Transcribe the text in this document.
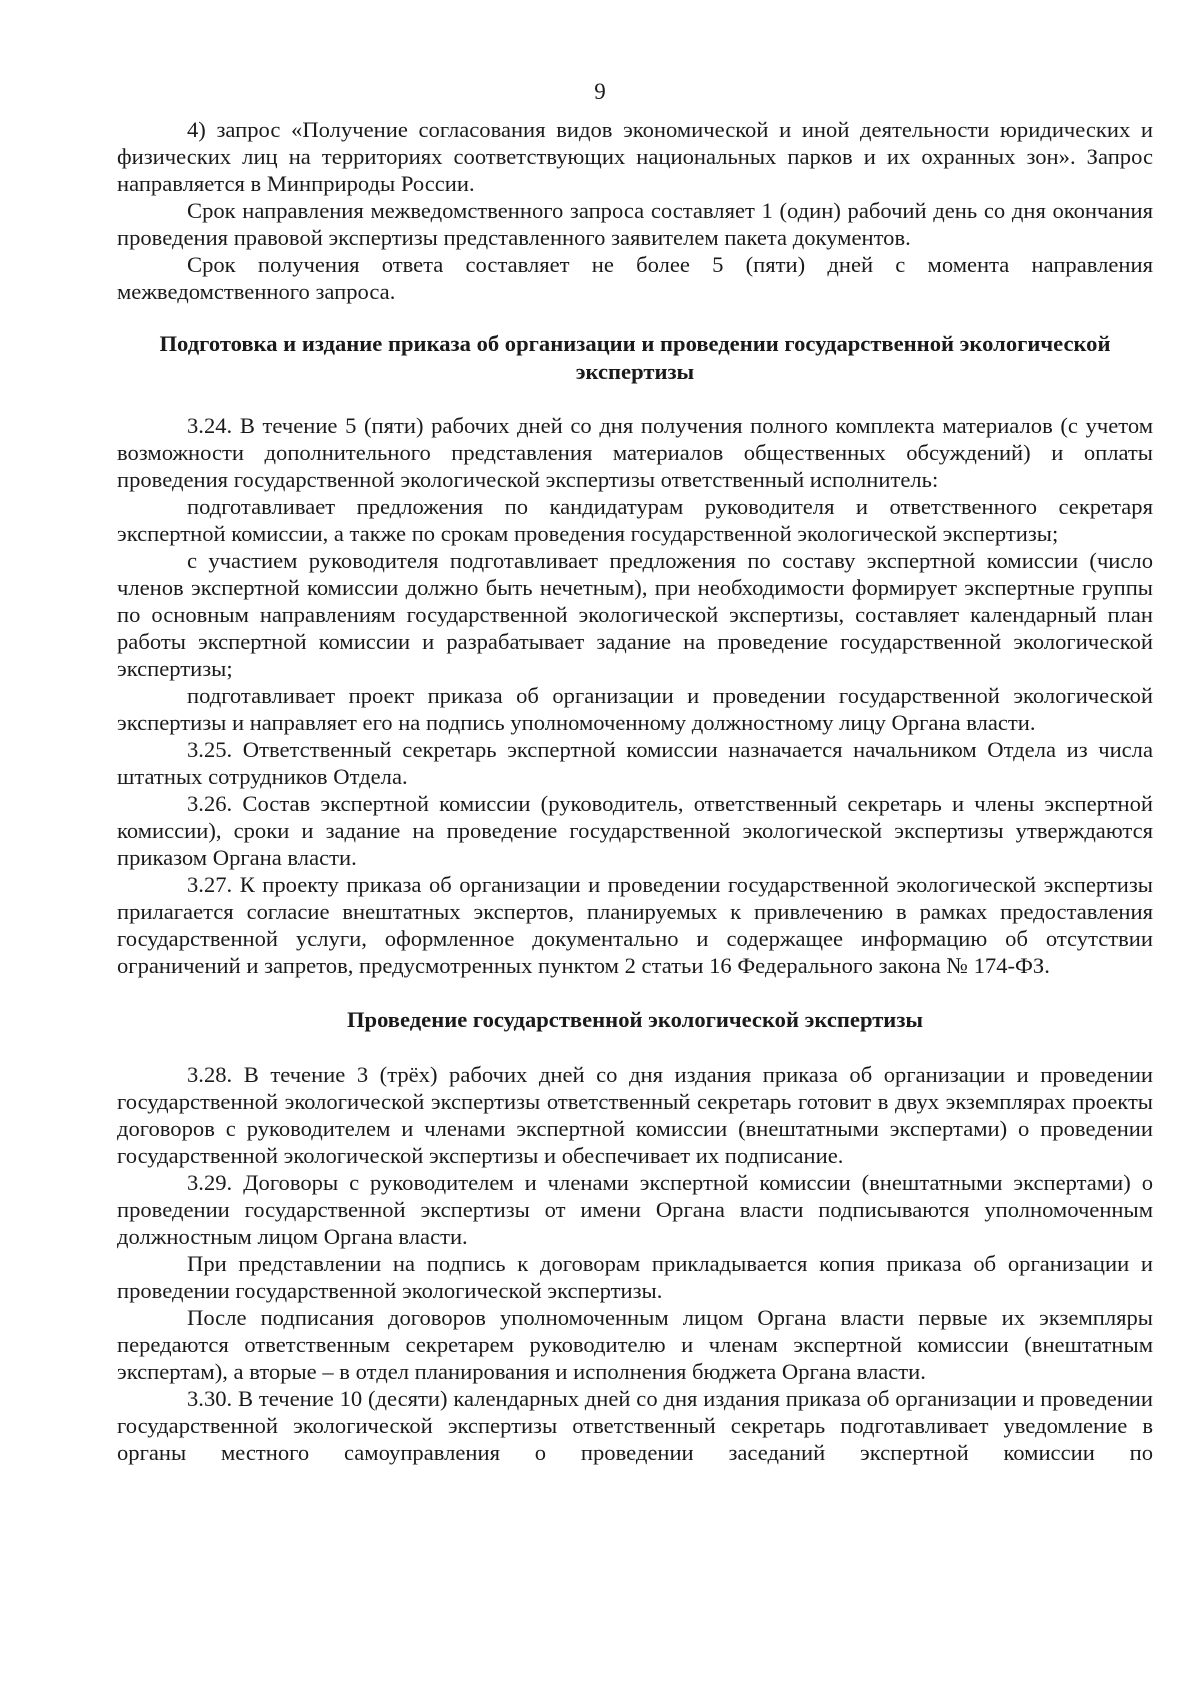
9

4) запрос «Получение согласования видов экономической и иной деятельности юридических и физических лиц на территориях соответствующих национальных парков и их охранных зон». Запрос направляется в Минприроды России.

Срок направления межведомственного запроса составляет 1 (один) рабочий день со дня окончания проведения правовой экспертизы представленного заявителем пакета документов.

Срок получения ответа составляет не более 5 (пяти) дней с момента направления межведомственного запроса.

Подготовка и издание приказа об организации и проведении государственной экологической экспертизы

3.24. В течение 5 (пяти) рабочих дней со дня получения полного комплекта материалов (с учетом возможности дополнительного представления материалов общественных обсуждений) и оплаты проведения государственной экологической экспертизы ответственный исполнитель:

подготавливает предложения по кандидатурам руководителя и ответственного секретаря экспертной комиссии, а также по срокам проведения государственной экологической экспертизы;

с участием руководителя подготавливает предложения по составу экспертной комиссии (число членов экспертной комиссии должно быть нечетным), при необходимости формирует экспертные группы по основным направлениям государственной экологической экспертизы, составляет календарный план работы экспертной комиссии и разрабатывает задание на проведение государственной экологической экспертизы;

подготавливает проект приказа об организации и проведении государственной экологической экспертизы и направляет его на подпись уполномоченному должностному лицу Органа власти.

3.25. Ответственный секретарь экспертной комиссии назначается начальником Отдела из числа штатных сотрудников Отдела.

3.26. Состав экспертной комиссии (руководитель, ответственный секретарь и члены экспертной комиссии), сроки и задание на проведение государственной экологической экспертизы утверждаются приказом Органа власти.

3.27. К проекту приказа об организации и проведении государственной экологической экспертизы прилагается согласие внештатных экспертов, планируемых к привлечению в рамках предоставления государственной услуги, оформленное документально и содержащее информацию об отсутствии ограничений и запретов, предусмотренных пунктом 2 статьи 16 Федерального закона № 174-ФЗ.

Проведение государственной экологической экспертизы

3.28. В течение 3 (трёх) рабочих дней со дня издания приказа об организации и проведении государственной экологической экспертизы ответственный секретарь готовит в двух экземплярах проекты договоров с руководителем и членами экспертной комиссии (внештатными экспертами) о проведении государственной экологической экспертизы и обеспечивает их подписание.

3.29. Договоры с руководителем и членами экспертной комиссии (внештатными экспертами) о проведении государственной экспертизы от имени Органа власти подписываются уполномоченным должностным лицом Органа власти.

При представлении на подпись к договорам прикладывается копия приказа об организации и проведении государственной экологической экспертизы.

После подписания договоров уполномоченным лицом Органа власти первые их экземпляры передаются ответственным секретарем руководителю и членам экспертной комиссии (внештатным экспертам), а вторые – в отдел планирования и исполнения бюджета Органа власти.

3.30. В течение 10 (десяти) календарных дней со дня издания приказа об организации и проведении государственной экологической экспертизы ответственный секретарь подготавливает уведомление в органы местного самоуправления о проведении заседаний экспертной комиссии по
